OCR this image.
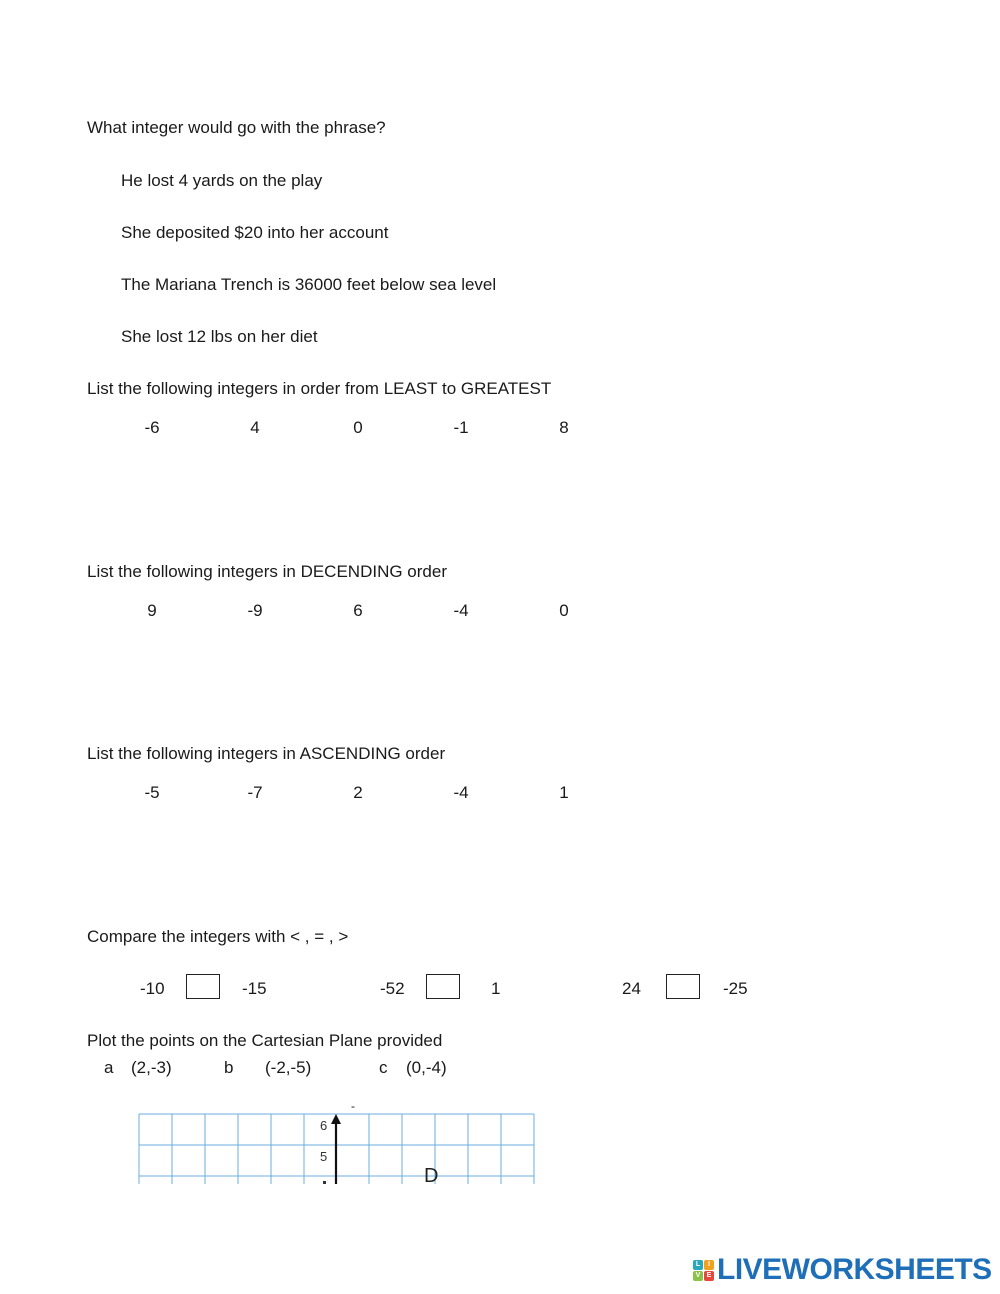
What integer would go with the phrase?
He lost 4 yards on the play
She deposited $20 into her account
The Mariana Trench is 36000 feet below sea level
She lost 12 lbs on her diet
List the following integers in order from LEAST to GREATEST
-6	4	0	-1	8
List the following integers in DECENDING order
9	-9	6	-4	0
List the following integers in ASCENDING order
-5	-7	2	-4	1
Compare the integers with < , = , >
-10	-15	-52	1	24	-25
Plot the points on the Cartesian Plane provided
a (2,-3)	b (-2,-5)	c (0,-4)
-
6
5
D
L	I
V E LIVEWORKSHEETS
